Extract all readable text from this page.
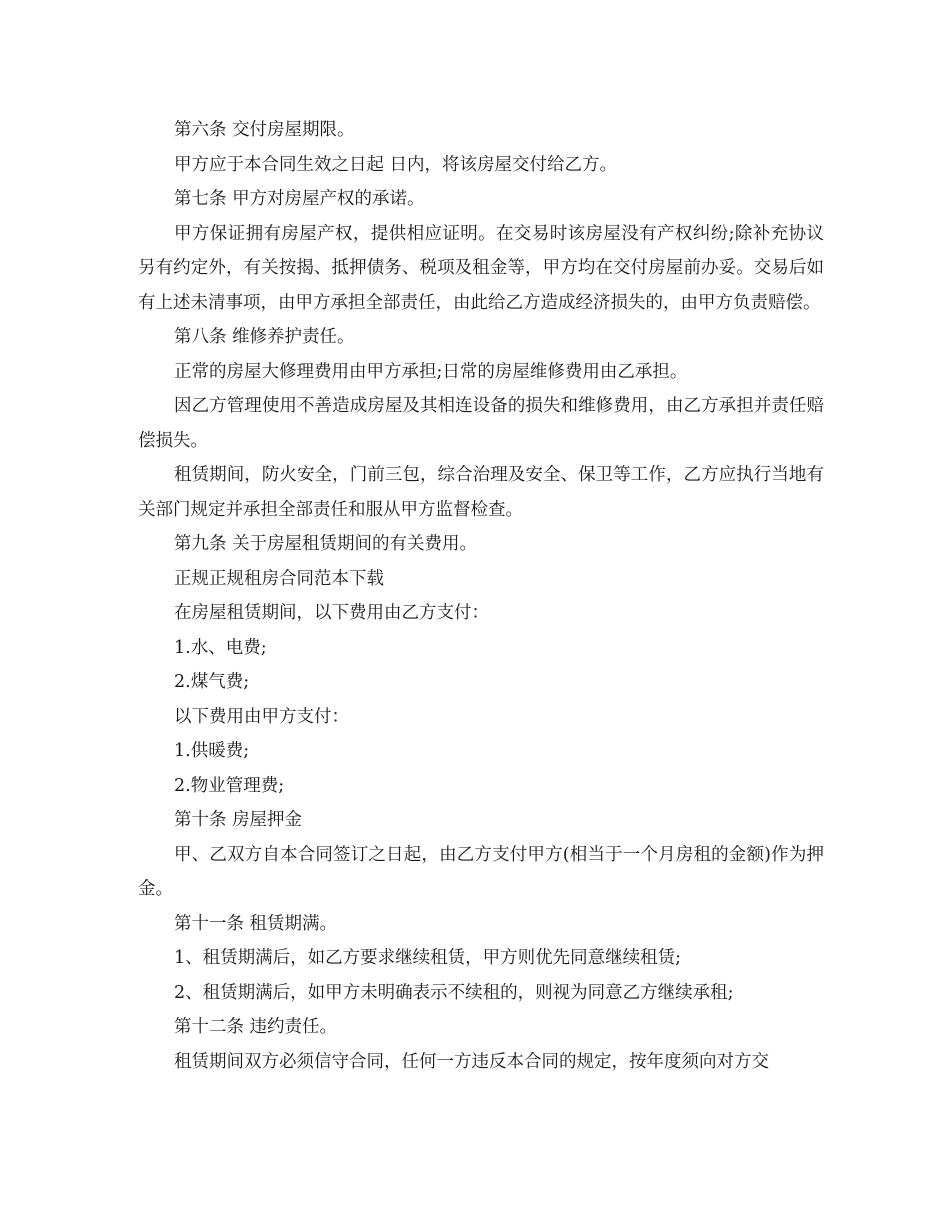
第六条 交付房屋期限。

甲方应于本合同生效之日起 日内，将该房屋交付给乙方。

第七条 甲方对房屋产权的承诺。

甲方保证拥有房屋产权，提供相应证明。在交易时该房屋没有产权纠纷;除补充协议另有约定外，有关按揭、抵押债务、税项及租金等，甲方均在交付房屋前办妥。交易后如有上述未清事项，由甲方承担全部责任，由此给乙方造成经济损失的，由甲方负责赔偿。

第八条 维修养护责任。

正常的房屋大修理费用由甲方承担;日常的房屋维修费用由乙承担。

因乙方管理使用不善造成房屋及其相连设备的损失和维修费用，由乙方承担并责任赔偿损失。

租赁期间，防火安全，门前三包，综合治理及安全、保卫等工作，乙方应执行当地有关部门规定并承担全部责任和服从甲方监督检查。

第九条 关于房屋租赁期间的有关费用。

正规正规租房合同范本下载

在房屋租赁期间，以下费用由乙方支付：

1.水、电费;

2.煤气费;

以下费用由甲方支付：

1.供暖费;

2.物业管理费;

第十条 房屋押金

甲、乙双方自本合同签订之日起，由乙方支付甲方(相当于一个月房租的金额)作为押金。

第十一条 租赁期满。

1、租赁期满后，如乙方要求继续租赁，甲方则优先同意继续租赁;

2、租赁期满后，如甲方未明确表示不续租的，则视为同意乙方继续承租;

第十二条 违约责任。

租赁期间双方必须信守合同，任何一方违反本合同的规定，按年度须向对方交
